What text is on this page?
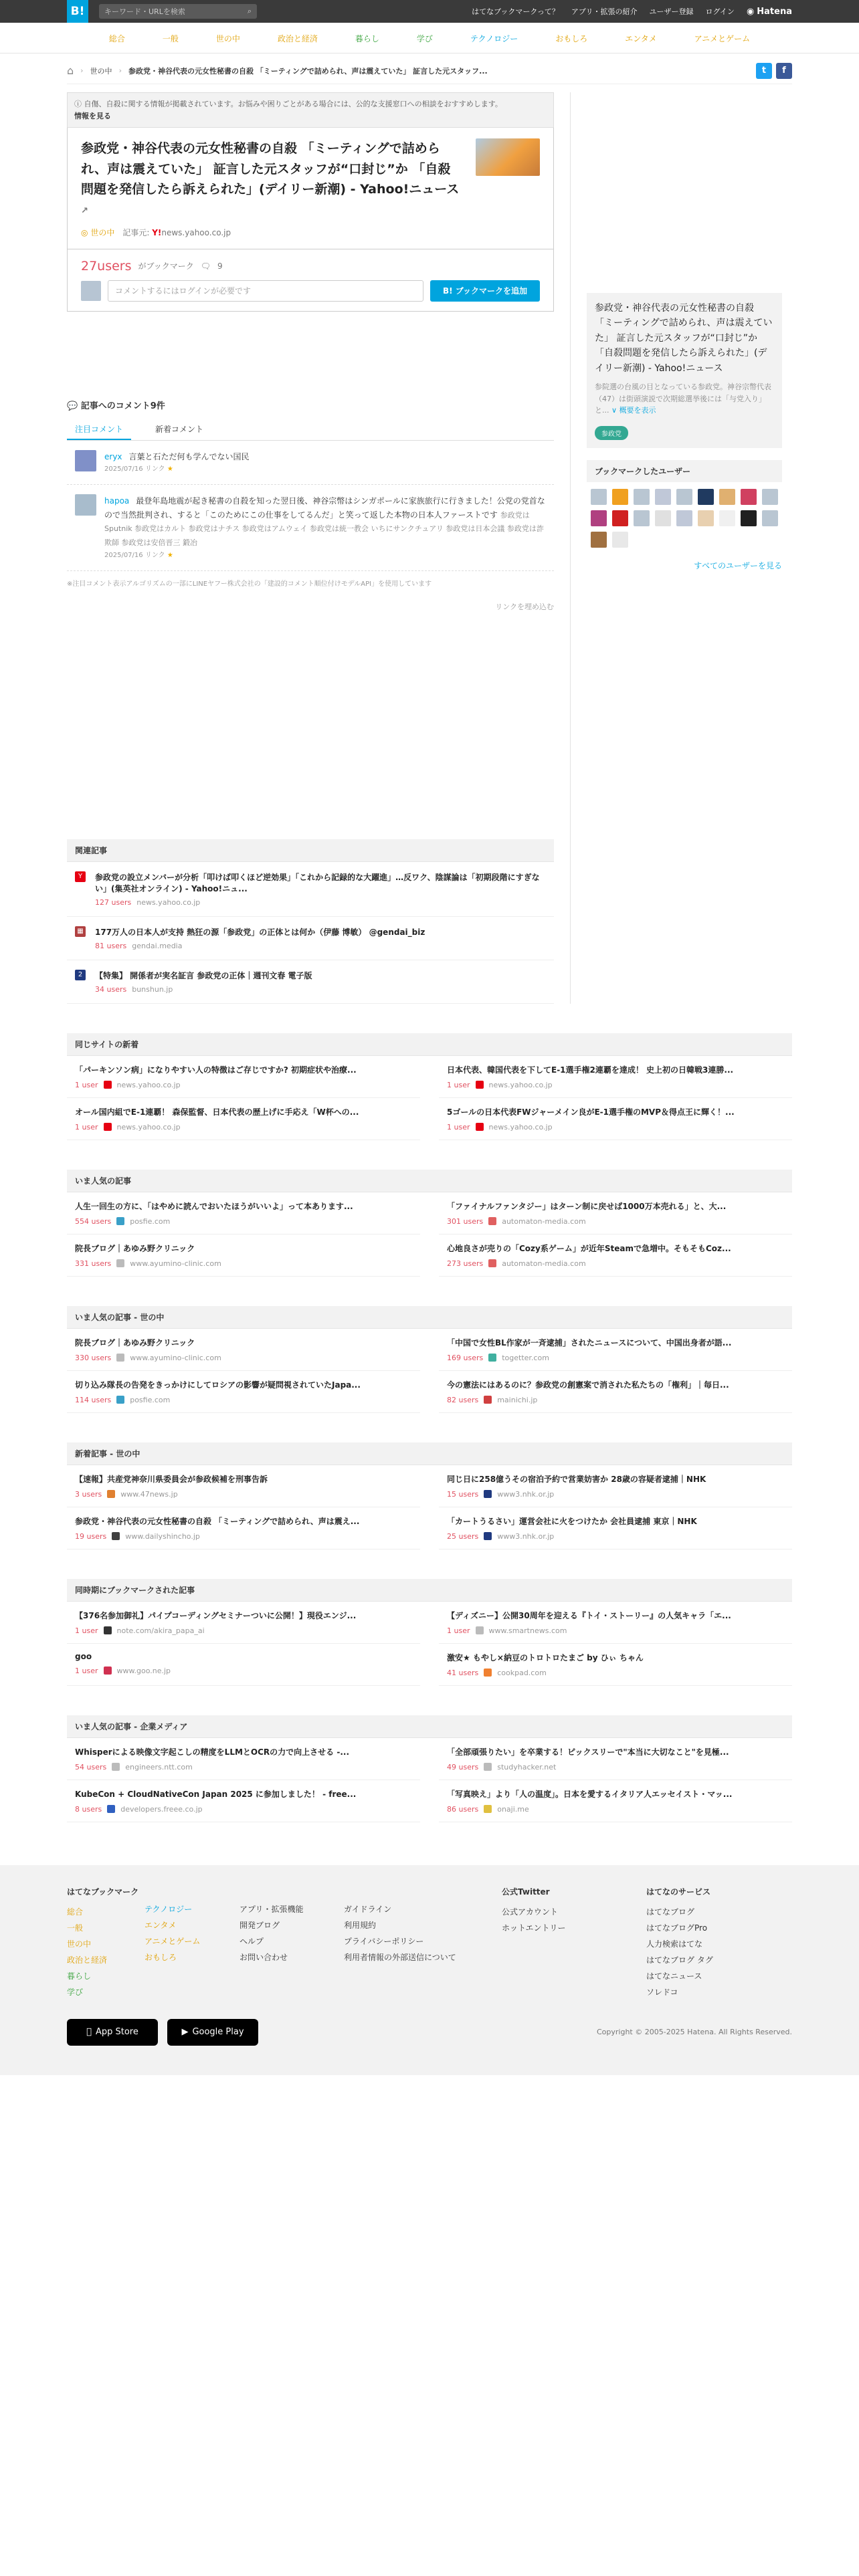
B!	キーワード・URLを検索	⌕	はてなブックマークって？ アプリ・拡張の紹介 ユーザー登録 ログイン ◉ Hatena
総合	一般	世の中	政治と経済	暮らし	学び	テクノロジー	おもしろ	エンタメ	アニメとゲーム
⌂ › 世の中 › 参政党・神谷代表の元女性秘書の自殺 「ミーティングで詰められ、声は震えていた」 証言した元スタッフ...	t f
ⓘ 自傷、自殺に関する情報が掲載されています。お悩みや困りごとがある場合には、公的な支援窓口への相談をおすすめします。
情報を見る
参政党・神谷代表の元女性秘書の自殺 「ミーティングで詰められ、声は震えていた」 証言した元スタッフが“口封じ”か 「自殺問題を発信したら訴えられた」(デイリー新潮) - Yahoo!ニュース ↗
◎ 世の中 記事元: Y!news.yahoo.co.jp
27users がブックマーク 🗨 9
コメントするにはログインが必要です	B! ブックマークを追加
💬 記事へのコメント9件
注目コメント	新着コメント
eryx 言葉と石ただ何も学んでない国民
2025/07/16 リンク ★
hapoa 最登年島地震が起き秘書の自殺を知った翌日後、神谷宗幣はシンガポールに家族旅行に行きました！公党の党首なので当然批判され、すると「このためにこの仕事をしてるんだ」と笑って返した本物の日本人ファーストです 参政党はSputnik 参政党はカルト 参政党はナチス 参政党はアムウェイ 参政党は統一教会 いちにサンクチュアリ 参政党は日本会議 参政党は詐欺師 参政党は安倍晋三 鍛冶
2025/07/16 リンク ★
※注目コメント表示アルゴリズムの一部にLINEヤフー株式会社の「建設的コメント順位付けモデルAPI」を使用しています
リンクを埋め込む
関連記事
Y	参政党の設立メンバーが分析「叩けば叩くほど逆効果」「これから記録的な大躍進」…反ワク、陰謀論は「初期段階にすぎない」(集英社オンライン) - Yahoo!ニュ...
127 users news.yahoo.co.jp
▦ 177万人の日本人が支持 熱狂の源「参政党」の正体とは何か（伊藤 博敏） @gendai_biz
81 users gendai.media
2	【特集】 開係者が実名証言 参政党の正体｜週刊文春 電子版
34 users bunshun.jp
参政党・神谷代表の元女性秘書の自殺 「ミーティングで詰められ、声は震えていた」 証言した元スタッフが“口封じ”か 「自殺問題を発信したら訴えられた」(デイリー新潮) - Yahoo!ニュース
参院選の台風の目となっている参政党。神谷宗幣代表（47）は街頭演説で次期総選挙後には「与党入り」と... ∨ 概要を表示
参政党
ブックマークしたユーザー
すべてのユーザーを見る
同じサイトの新着
「パーキンソン病」になりやすい人の特徴はご存じですか? 初期症状や治療...
1 user	news.yahoo.co.jp
日本代表、韓国代表を下してE-1選手権2連覇を達成！ 史上初の日韓戦3連勝...
1 user	news.yahoo.co.jp
オール国内組でE-1連覇！ 森保監督、日本代表の歴上げに手応え「W杯への...
1 user	news.yahoo.co.jp
5ゴールの日本代表FWジャーメイン良がE-1選手権のMVP＆得点王に輝く！...
1 user	news.yahoo.co.jp
いま人気の記事
人生一回生の方に、「はやめに読んでおいたほうがいいよ」って本あります...
554 users	posfie.com
「ファイナルファンタジー」はターン制に戻せば1000万本売れる」と、大...
301 users	automaton-media.com
院長ブログ｜あゆみ野クリニック
331 users	www.ayumino-clinic.com
心地良さが売りの「Cozy系ゲーム」が近年Steamで急増中。そもそもCoz...
273 users	automaton-media.com
いま人気の記事 - 世の中
院長ブログ｜あゆみ野クリニック
330 users	www.ayumino-clinic.com
「中国で女性BL作家が一斉逮捕」されたニュースについて、中国出身者が語...
169 users	togetter.com
切り込み隊長の告発をきっかけにしてロシアの影響が疑問視されていたJapa...
114 users	posfie.com
今の憲法にはあるのに？参政党の創憲案で消された私たちの「権利」｜毎日...
82 users	mainichi.jp
新着記事 - 世の中
【速報】共産党神奈川県委員会が参政候補を刑事告訴
3 users	www.47news.jp
同じ日に258億うその宿泊予約で営業妨害か 28歳の容疑者逮捕｜NHK
15 users	www3.nhk.or.jp
参政党・神谷代表の元女性秘書の自殺 「ミーティングで詰められ、声は震え...
19 users	www.dailyshincho.jp
「カートうるさい」運営会社に火をつけたか 会社員逮捕 東京｜NHK
25 users	www3.nhk.or.jp
同時期にブックマークされた記事
【376名参加御礼】パイプコーディングセミナーついに公開！】現役エンジ...
1 user	note.com/akira_papa_ai
【ディズニー】公開30周年を迎える『トイ・ストーリー』の人気キャラ「エ...
1 user	www.smartnews.com
goo
1 user	www.goo.ne.jp
激安★ もやし×納豆のトロトロたまご by ひぃ ちゃん
41 users	cookpad.com
いま人気の記事 - 企業メディア
Whisperによる映像文字起こしの精度をLLMとOCRの力で向上させる -...
54 users	engineers.ntt.com
「全部頑張りたい」を卒業する！ピックスリーで"本当に大切なこと"を見極...
49 users	studyhacker.net
KubeCon + CloudNativeCon Japan 2025 に参加しました！ - free...
8 users	developers.freee.co.jp
「写真映え」より「人の温度」。日本を愛するイタリア人エッセイスト・マッ...
86 users	onaji.me
はてなブックマーク
総合
一般
世の中
政治と経済
暮らし
学び
テクノロジー
エンタメ
アニメとゲーム
おもしろ
アプリ・拡張機能
開発ブログ
ヘルプ
お問い合わせ
ガイドライン
利用規約
プライバシーポリシー
利用者情報の外部送信について
公式Twitter
公式アカウント
ホットエントリー
はてなのサービス
はてなブログ
はてなブログPro
人力検索はてな
はてなブログ タグ
はてなニュース
ソレドコ
App Store	▶ Google Play	Copyright © 2005-2025 Hatena. All Rights Reserved.
